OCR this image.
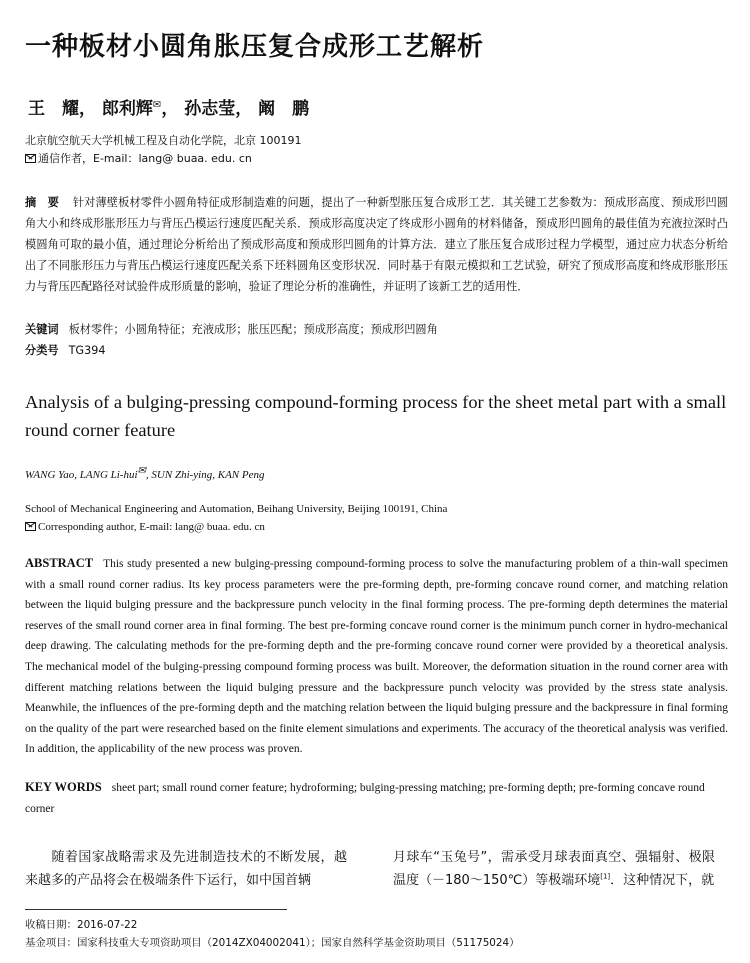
一种板材小圆角胀压复合成形工艺解析
王　耀， 郎利辉✉， 孙志莹， 阚　鹏
北京航空航天大学机械工程及自动化学院，北京 100191
通信作者，E-mail：lang@ buaa. edu. cn
摘　要 针对薄壁板材零件小圆角特征成形制造难的问题，提出了一种新型胀压复合成形工艺．其关键工艺参数为：预成形高度、预成形凹圆角大小和终成形胀形压力与背压凸模运行速度匹配关系．预成形高度决定了终成形小圆角的材料储备，预成形凹圆角的最佳值为充液拉深时凸模圆角可取的最小值，通过理论分析给出了预成形高度和预成形凹圆角的计算方法．建立了胀压复合成形过程力学模型，通过应力状态分析给出了不同胀形压力与背压凸模运行速度匹配关系下坯料圆角区变形状况．同时基于有限元模拟和工艺试验，研究了预成形高度和终成形胀形压力与背压匹配路径对试验件成形质量的影响，验证了理论分析的准确性，并证明了该新工艺的适用性．
关键词 板材零件；小圆角特征；充液成形；胀压匹配；预成形高度；预成形凹圆角
分类号 TG394
Analysis of a bulging-pressing compound-forming process for the sheet metal part with a small round corner feature
WANG Yao, LANG Li-hui✉, SUN Zhi-ying, KAN Peng
School of Mechanical Engineering and Automation, Beihang University, Beijing 100191, China
Corresponding author, E-mail: lang@ buaa. edu. cn
ABSTRACT This study presented a new bulging-pressing compound-forming process to solve the manufacturing problem of a thin-wall specimen with a small round corner radius. Its key process parameters were the pre-forming depth, pre-forming concave round corner, and matching relation between the liquid bulging pressure and the backpressure punch velocity in the final forming process. The pre-forming depth determines the material reserves of the small round corner area in final forming. The best pre-forming concave round corner is the minimum punch corner in hydro-mechanical deep drawing. The calculating methods for the pre-forming depth and the pre-forming concave round corner were provided by a theoretical analysis. The mechanical model of the bulging-pressing compound forming process was built. Moreover, the deformation situation in the round corner area with different matching relations between the liquid bulging pressure and the backpressure punch velocity was provided by the stress state analysis. Meanwhile, the influences of the pre-forming depth and the matching relation between the liquid bulging pressure and the backpressure in final forming on the quality of the part were researched based on the finite element simulations and experiments. The accuracy of the theoretical analysis was verified. In addition, the applicability of the new process was proven.
KEY WORDS sheet part; small round corner feature; hydroforming; bulging-pressing matching; pre-forming depth; pre-forming concave round corner
随着国家战略需求及先进制造技术的不断发展，越来越多的产品将会在极端条件下运行，如中国首辆
月球车“玉兔号”，需承受月球表面真空、强辐射、极限温度（－180～150℃）等极端环境[1]．这种情况下，就
收稿日期：2016-07-22
基金项目：国家科技重大专项资助项目（2014ZX04002041）；国家自然科学基金资助项目（51175024）
